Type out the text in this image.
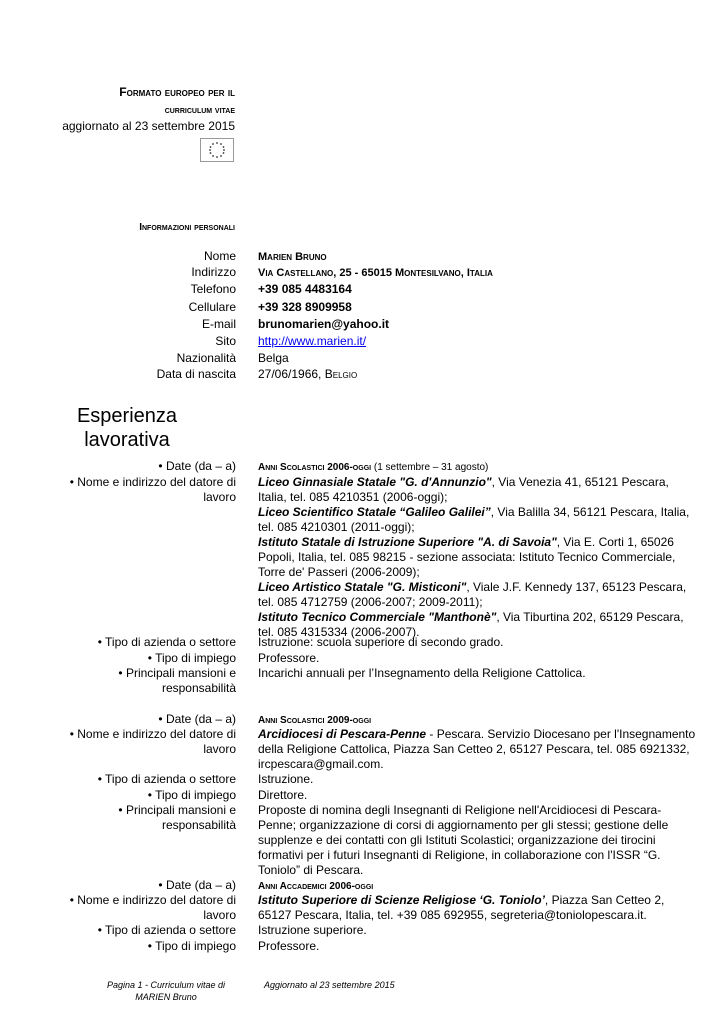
Formato europeo per il
curriculum vitae
aggiornato al 23 settembre 2015
Informazioni personali
Nome Marien Bruno
Indirizzo Via Castellano, 25 - 65015 Montesilvano, Italia
Telefono +39 085 4483164
Cellulare +39 328 8909958
E-mail brunomarien@yahoo.it
Sito http://www.marien.it/
Nazionalità Belga
Data di nascita 27/06/1966, Belgio
Esperienza
lavorativa
• Date (da – a) Anni Scolastici 2006-oggi (1 settembre – 31 agosto)
• Nome e indirizzo del datore di lavoro
Liceo Ginnasiale Statale "G. d'Annunzio", Via Venezia 41, 65121 Pescara, Italia, tel. 085 4210351 (2006-oggi);
Liceo Scientifico Statale “Galileo Galilei”, Via Balilla 34, 56121 Pescara, Italia, tel. 085 4210301 (2011-oggi);
Istituto Statale di Istruzione Superiore "A. di Savoia", Via E. Corti 1, 65026 Popoli, Italia, tel. 085 98215 - sezione associata: Istituto Tecnico Commerciale, Torre de' Passeri (2006-2009);
Liceo Artistico Statale "G. Misticoni", Viale J.F. Kennedy 137, 65123 Pescara, tel. 085 4712759 (2006-2007; 2009-2011);
Istituto Tecnico Commerciale "Manthonè", Via Tiburtina 202, 65129 Pescara, tel. 085 4315334 (2006-2007).
• Tipo di azienda o settore Istruzione: scuola superiore di secondo grado.
• Tipo di impiego Professore.
• Principali mansioni e responsabilità
Incarichi annuali per l’Insegnamento della Religione Cattolica.
• Date (da – a) Anni Scolastici 2009-oggi
• Nome e indirizzo del datore di lavoro
Arcidiocesi di Pescara-Penne - Pescara. Servizio Diocesano per l'Insegnamento della Religione Cattolica, Piazza San Cetteo 2, 65127 Pescara, tel. 085 6921332, ircpescara@gmail.com.
• Tipo di azienda o settore Istruzione.
• Tipo di impiego Direttore.
• Principali mansioni e responsabilità
Proposte di nomina degli Insegnanti di Religione nell'Arcidiocesi di Pescara-Penne; organizzazione di corsi di aggiornamento per gli stessi; gestione delle supplenze e dei contatti con gli Istituti Scolastici; organizzazione dei tirocini formativi per i futuri Insegnanti di Religione, in collaborazione con l'ISSR “G. Toniolo” di Pescara.
• Date (da – a) Anni Accademici 2006-oggi
• Nome e indirizzo del datore di lavoro
Istituto Superiore di Scienze Religiose ‘G. Toniolo’, Piazza San Cetteo 2, 65127 Pescara, Italia, tel. +39 085 692955, segreteria@toniolopescara.it.
• Tipo di azienda o settore Istruzione superiore.
• Tipo di impiego Professore.
Pagina 1 - Curriculum vitae di MARIEN Bruno
Aggiornato al 23 settembre 2015
